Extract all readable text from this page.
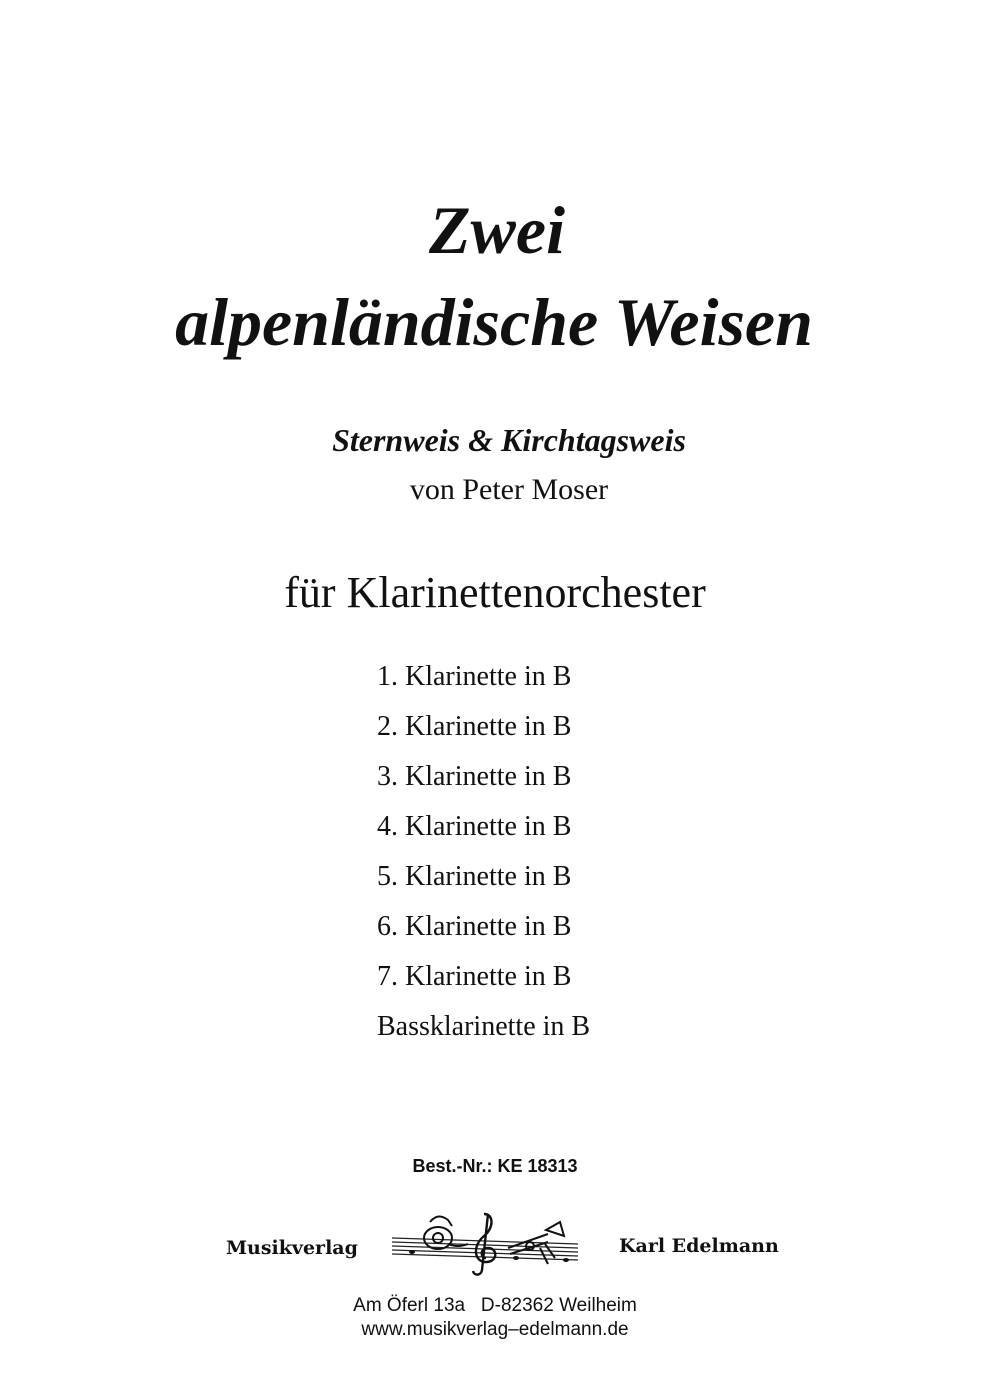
Zwei
alpenländische Weisen
Sternweis & Kirchtagsweis
von Peter Moser
für Klarinettenorchester
1. Klarinette in B
2. Klarinette in B
3. Klarinette in B
4. Klarinette in B
5. Klarinette in B
6. Klarinette in B
7. Klarinette in B
Bassklarinette in B
Best.-Nr.: KE 18313
Musikverlag	Karl Edelmann
Am Öferl 13a   D-82362 Weilheim
www.musikverlag–edelmann.de
